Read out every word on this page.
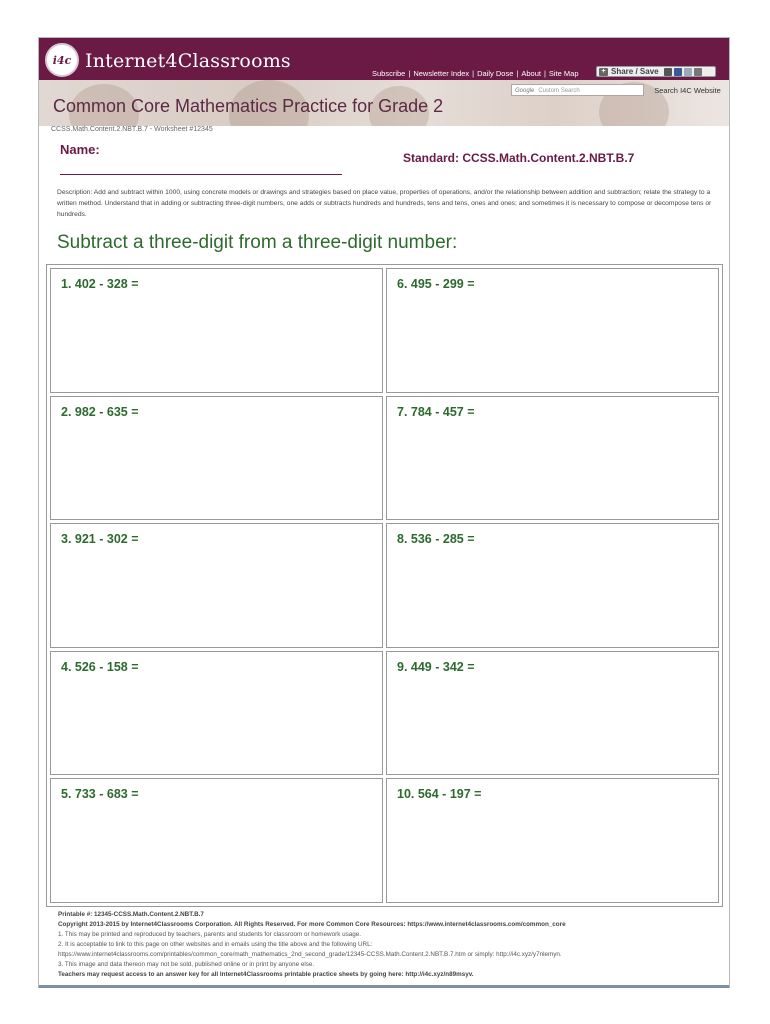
i4c Internet4Classrooms
Subscribe | Newsletter Index | Daily Dose | About | Site Map	+ Share / Save
Google Custom Search	Search I4C Website
Common Core Mathematics Practice for Grade 2
CCSS.Math.Content.2.NBT.B.7 - Worksheet #12345
Name:
Standard: CCSS.Math.Content.2.NBT.B.7
Description: Add and subtract within 1000, using concrete models or drawings and strategies based on place value, properties of operations, and/or the relationship between addition and subtraction; relate the strategy to a written method. Understand that in adding or subtracting three-digit numbers, one adds or subtracts hundreds and hundreds, tens and tens, ones and ones; and sometimes it is necessary to compose or decompose tens or hundreds.
Subtract a three-digit from a three-digit number:
1. 402 - 328 =	6. 495 - 299 =
2. 982 - 635 =	7. 784 - 457 =
3. 921 - 302 =	8. 536 - 285 =
4. 526 - 158 =	9. 449 - 342 =
5. 733 - 683 =	10. 564 - 197 =
Printable #: 12345-CCSS.Math.Content.2.NBT.B.7
Copyright 2013-2015 by Internet4Classrooms Corporation. All Rights Reserved. For more Common Core Resources: https://www.internet4classrooms.com/common_core
1. This may be printed and reproduced by teachers, parents and students for classroom or homework usage.
2. It is acceptable to link to this page on other websites and in emails using the title above and the following URL:
https://www.internet4classrooms.com/printables/common_core/math_mathematics_2nd_second_grade/12345-CCSS.Math.Content.2.NBT.B.7.htm or simply: http://i4c.xyz/y7nlemyn.
3. This image and data thereon may not be sold, published online or in print by anyone else.
Teachers may request access to an answer key for all Internet4Classrooms printable practice sheets by going here: http://i4c.xyz/n89msyv.
